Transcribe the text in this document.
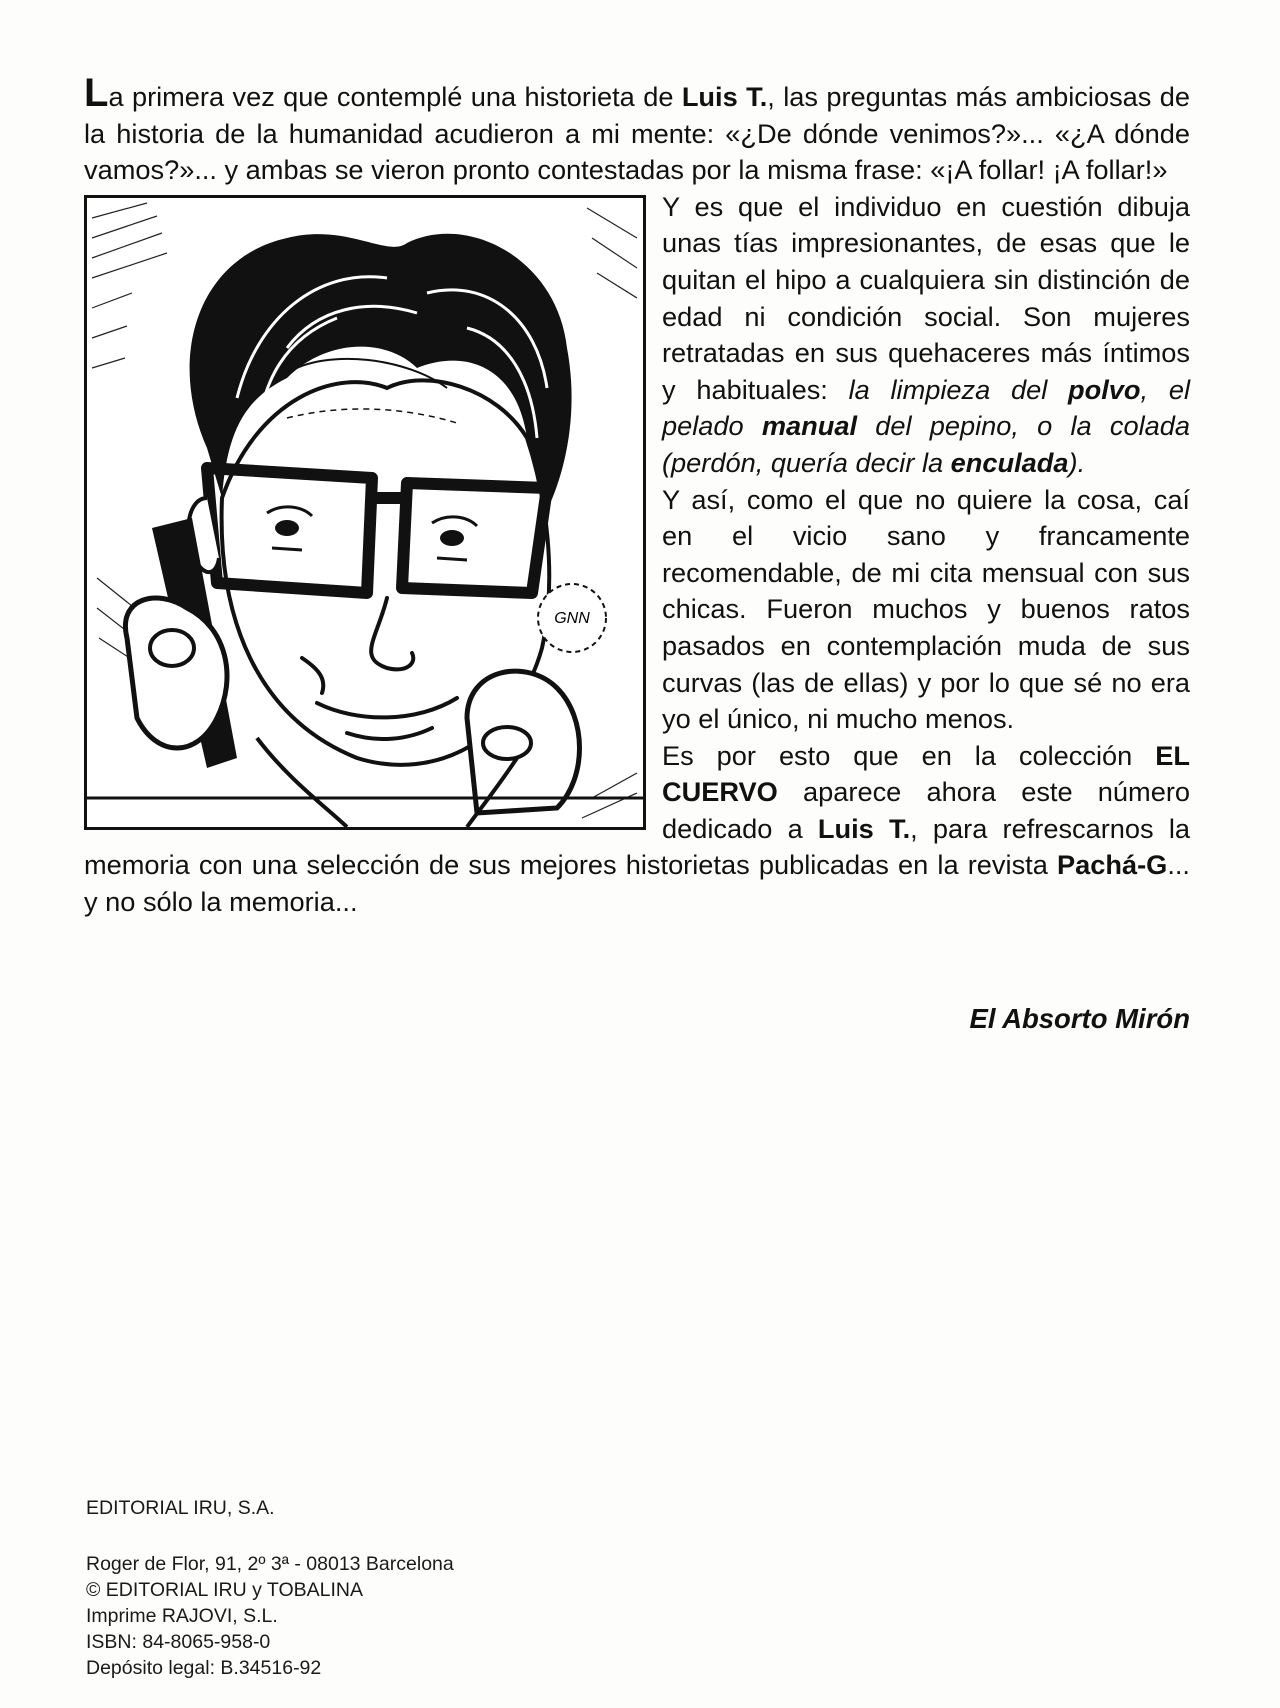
La primera vez que contemplé una historieta de Luis T., las preguntas más ambiciosas de la historia de la humanidad acudieron a mi mente: «¿De dónde venimos?»... «¿A dónde vamos?»... y ambas se vieron pronto contestadas por la misma frase: «¡A follar! ¡A follar!»

GNN

Y es que el individuo en cuestión dibuja unas tías impresionantes, de esas que le quitan el hipo a cualquiera sin distinción de edad ni condición social. Son mujeres retratadas en sus quehaceres más íntimos y habituales: la limpieza del polvo, el pelado manual del pepino, o la colada (perdón, quería decir la enculada).

Y así, como el que no quiere la cosa, caí en el vicio sano y francamente recomendable, de mi cita mensual con sus chicas. Fueron muchos y buenos ratos pasados en contemplación muda de sus curvas (las de ellas) y por lo que sé no era yo el único, ni mucho menos.

Es por esto que en la colección EL CUERVO aparece ahora este número dedicado a Luis T., para refrescarnos la memoria con una selección de sus mejores historietas publicadas en la revista Pachá-G... y no sólo la memoria...

El Absorto Mirón
EDITORIAL IRU, S.A.
Roger de Flor, 91, 2º 3ª - 08013 Barcelona
© EDITORIAL IRU y TOBALINA
Imprime RAJOVI, S.L.
ISBN: 84-8065-958-0
Depósito legal: B.34516-92
